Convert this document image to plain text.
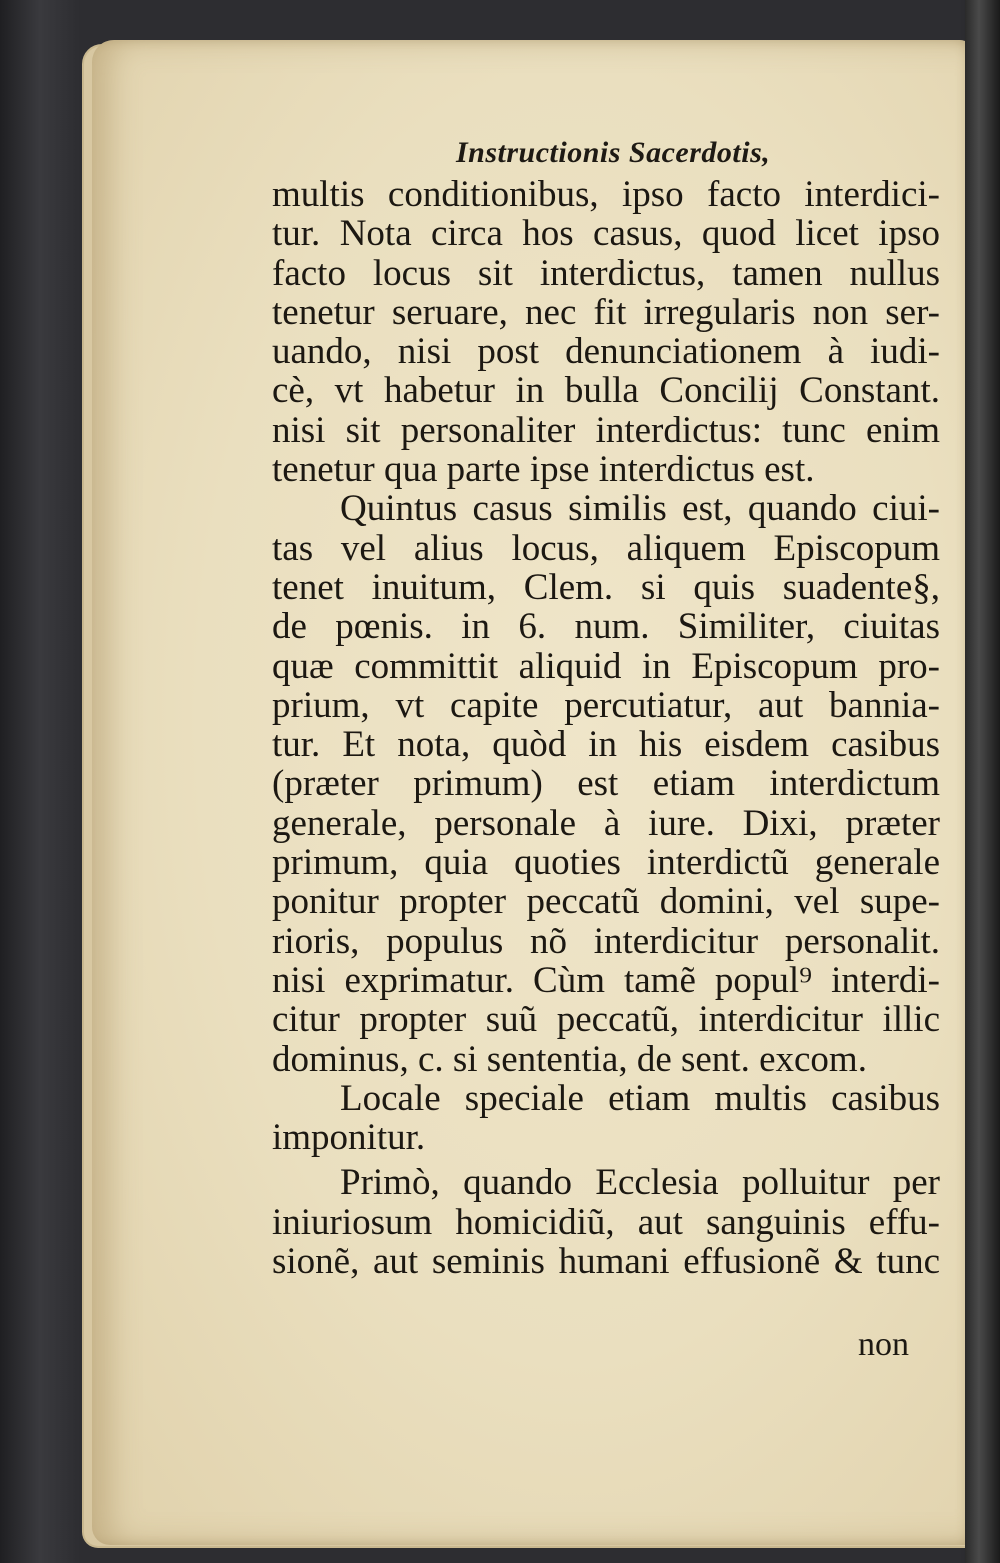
Instructionis Sacerdotis,
multis conditionibus, ipso facto interdici-
tur. Nota circa hos casus, quod licet ipso
facto locus sit interdictus, tamen nullus
tenetur seruare, nec fit irregularis non ser-
uando, nisi post denunciationem à iudi-
cè, vt habetur in bulla Concilij Constant.
nisi sit personaliter interdictus: tunc enim
tenetur qua parte ipse interdictus est.
Quintus casus similis est, quando ciui-
tas vel alius locus, aliquem Episcopum
tenet inuitum, Clem. si quis suadente§,
de pœnis. in 6. num. Similiter, ciuitas
quæ committit aliquid in Episcopum pro-
prium, vt capite percutiatur, aut bannia-
tur. Et nota, quòd in his eisdem casibus
(præter primum) est etiam interdictum
generale, personale à iure. Dixi, præter
primum, quia quoties interdictũ generale
ponitur propter peccatũ domini, vel supe-
rioris, populus nõ interdicitur personalit.
nisi exprimatur. Cùm tamẽ popul⁹ interdi-
citur propter suũ peccatũ, interdicitur illic
dominus, c. si sententia, de sent. excom.
Locale speciale etiam multis casibus
imponitur.
Primò, quando Ecclesia polluitur per
iniuriosum homicidiũ, aut sanguinis effu-
sionẽ, aut seminis humani effusionẽ & tunc
non
